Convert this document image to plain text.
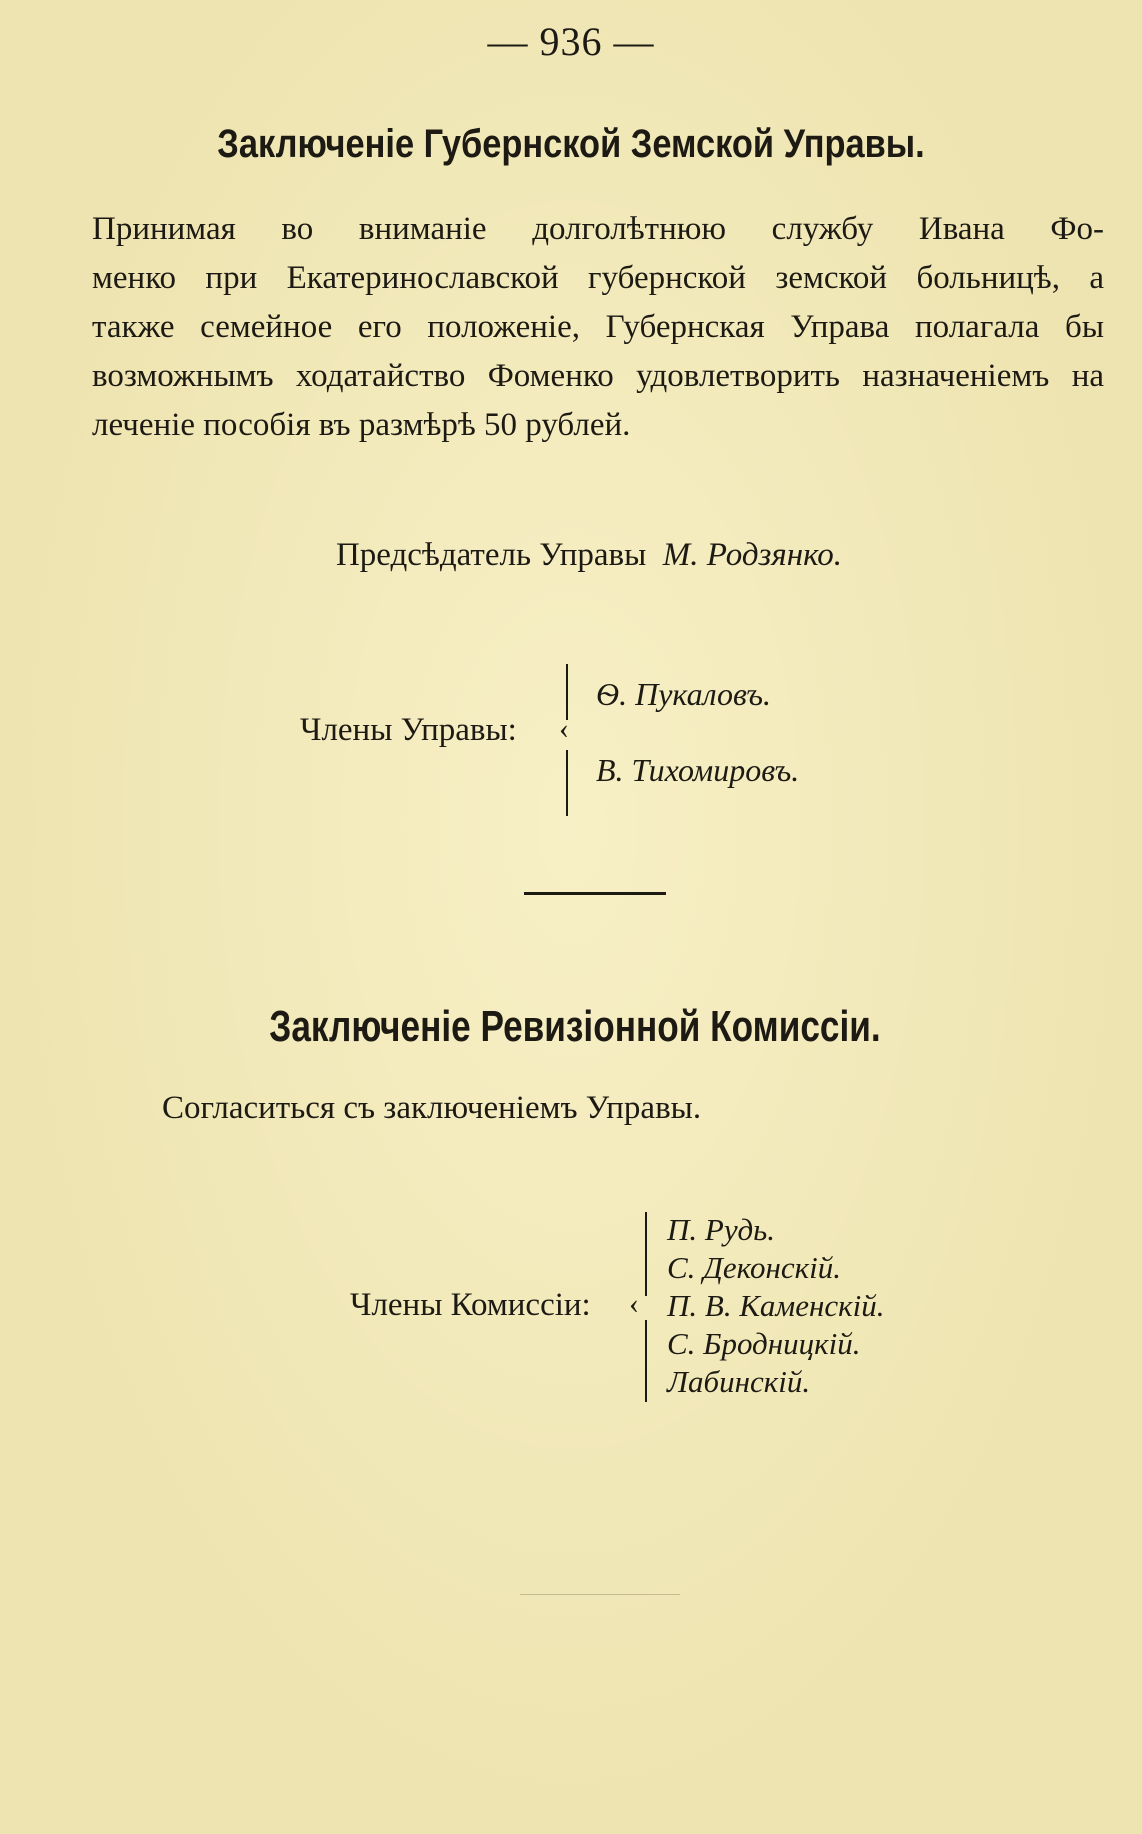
— 936 —
Заключеніе Губернской Земской Управы.

Принимая во вниманіе долголѣтнюю службу Ивана Фо-
менко при Екатеринославской губернской земской больницѣ, а
также семейное его положеніе, Губернская Управа полагала бы
возможнымъ ходатайство Фоменко удовлетворить назначеніемъ на
леченіе пособія въ размѣрѣ 50 рублей.

Предсѣдатель Управы М. Родзянко.
Члены Управы: ‹
Ѳ. Пукаловъ.
В. Тихомировъ.
Заключеніе Ревизіонной Комиссіи.
Согласиться съ заключеніемъ Управы.
Члены Комиссіи: ‹
П. Рудь.
С. Деконскій.
П. В. Каменскій.
С. Бродницкій.
Лабинскій.
